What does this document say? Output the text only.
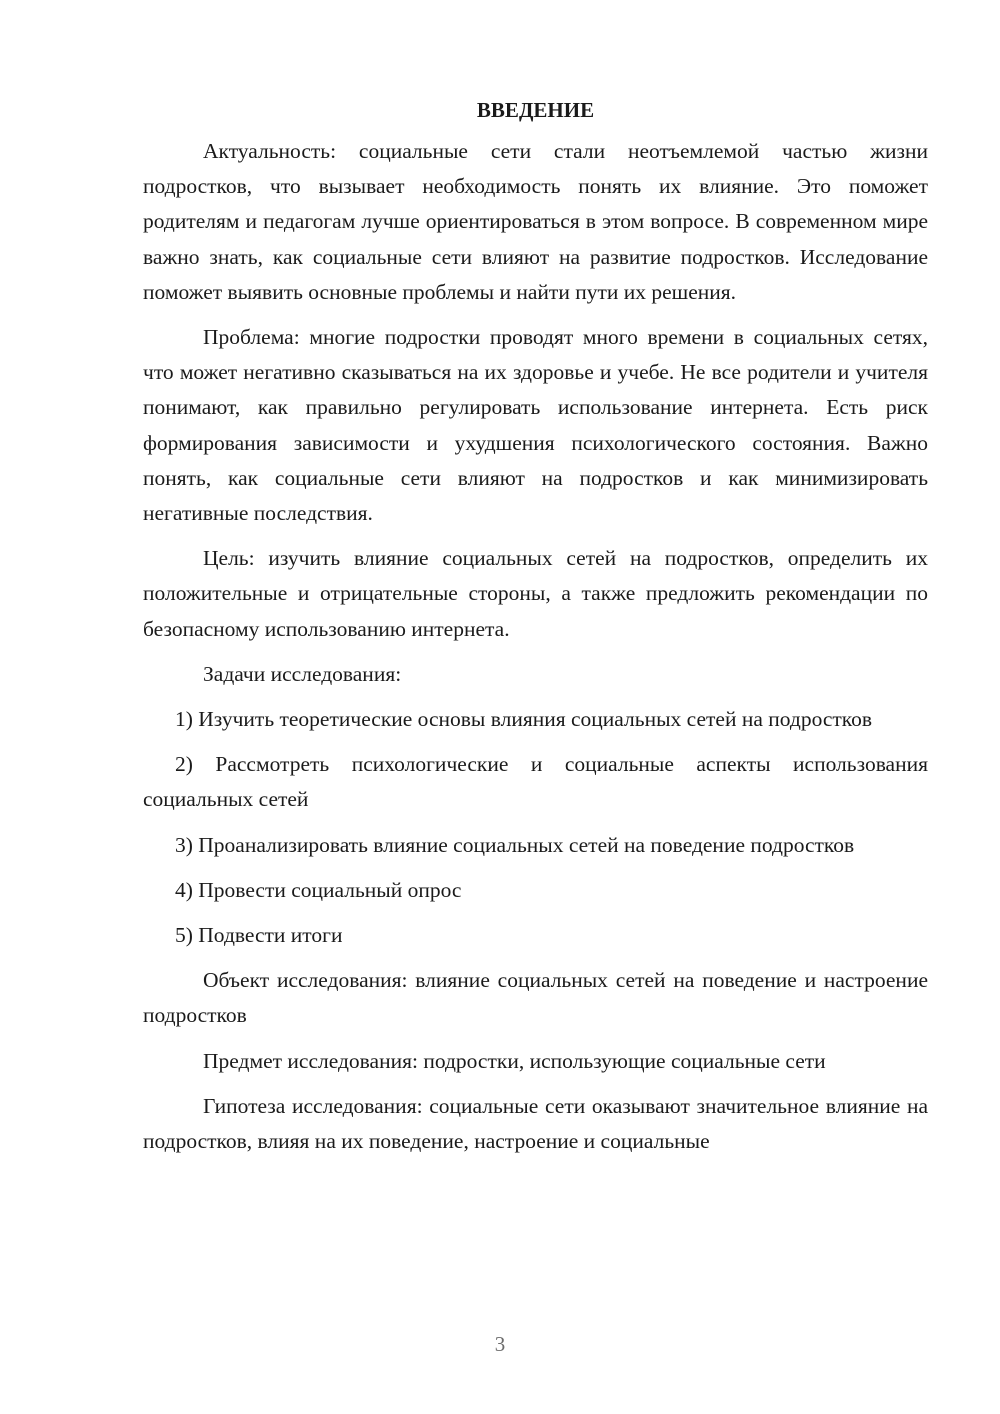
ВВЕДЕНИЕ

Актуальность: социальные сети стали неотъемлемой частью жизни подростков, что вызывает необходимость понять их влияние. Это поможет родителям и педагогам лучше ориентироваться в этом вопросе. В современном мире важно знать, как социальные сети влияют на развитие подростков. Исследование поможет выявить основные проблемы и найти пути их решения.

Проблема: многие подростки проводят много времени в социальных сетях, что может негативно сказываться на их здоровье и учебе. Не все родители и учителя понимают, как правильно регулировать использование интернета. Есть риск формирования зависимости и ухудшения психологического состояния. Важно понять, как социальные сети влияют на подростков и как минимизировать негативные последствия.

Цель: изучить влияние социальных сетей на подростков, определить их положительные и отрицательные стороны, а также предложить рекомендации по безопасному использованию интернета.

Задачи исследования:

1) Изучить теоретические основы влияния социальных сетей на подростков

2) Рассмотреть психологические и социальные аспекты использования социальных сетей

3) Проанализировать влияние социальных сетей на поведение подростков

4) Провести социальный опрос

5) Подвести итоги

Объект исследования: влияние социальных сетей на поведение и настроение подростков

Предмет исследования: подростки, использующие социальные сети

Гипотеза исследования: социальные сети оказывают значительное влияние на подростков, влияя на их поведение, настроение и социальные

3
